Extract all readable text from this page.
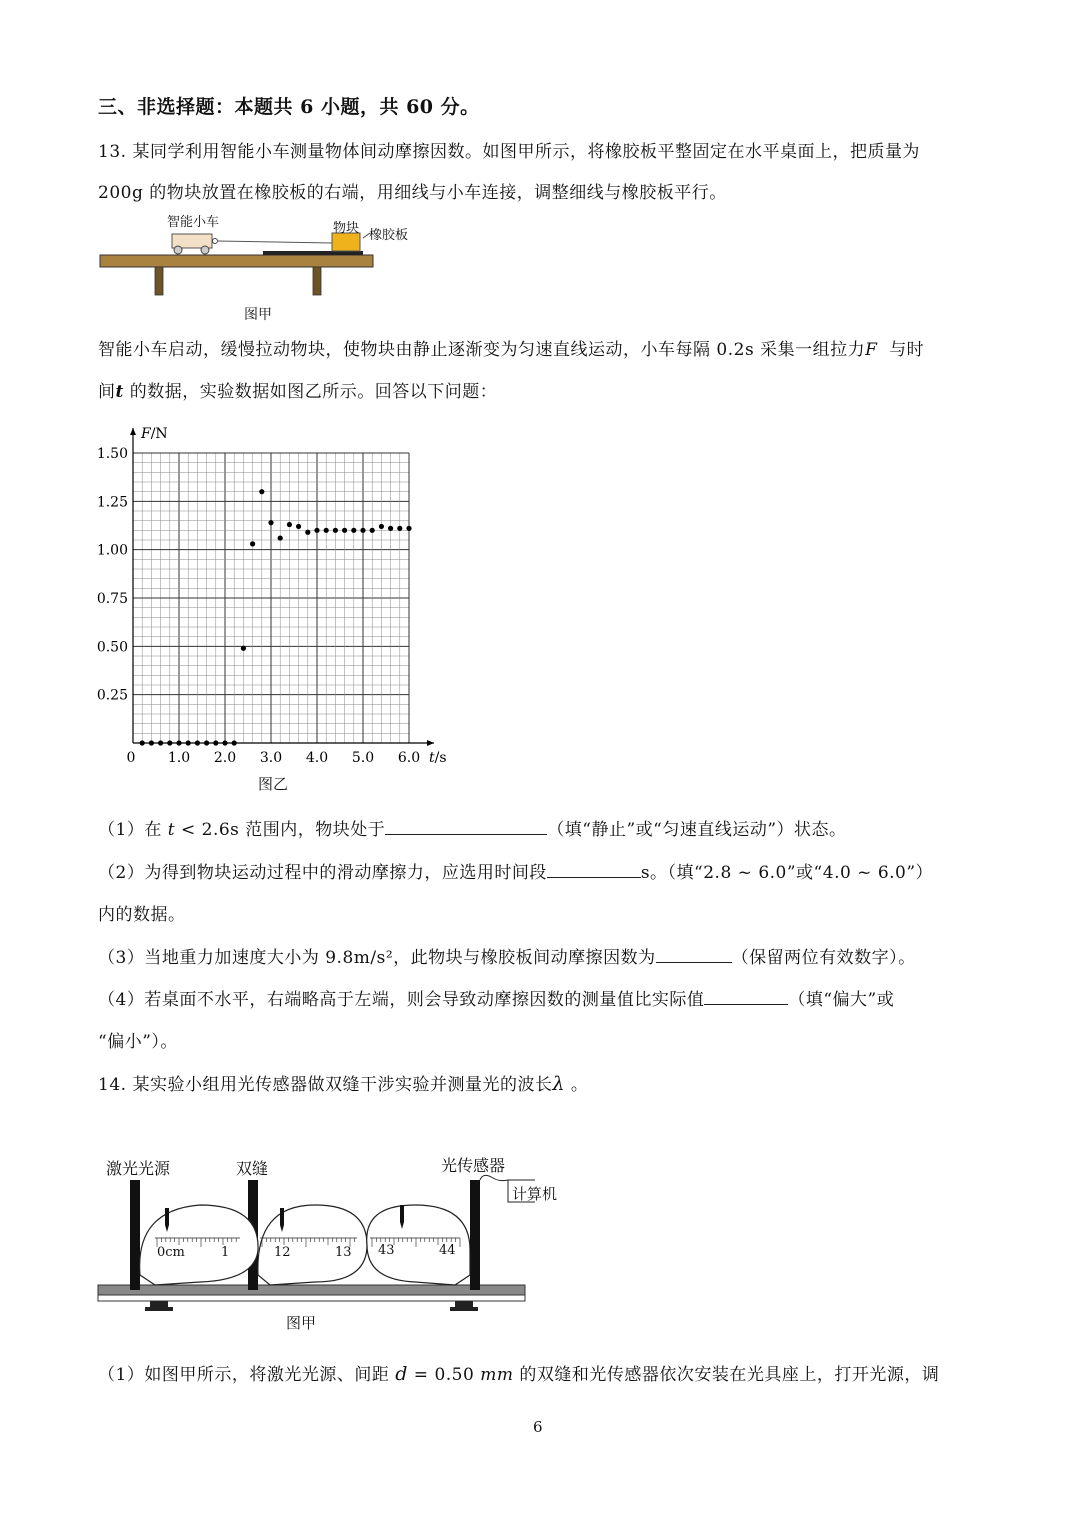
三、非选择题：本题共 6 小题，共 60 分。
13. 某同学利用智能小车测量物体间动摩擦因数。如图甲所示，将橡胶板平整固定在水平桌面上，把质量为
200g 的物块放置在橡胶板的右端，用细线与小车连接，调整细线与橡胶板平行。
智能小车	物块 橡胶板
图甲
智能小车启动，缓慢拉动物块，使物块由静止逐渐变为匀速直线运动，小车每隔 0.2s 采集一组拉力F 与时
间t 的数据，实验数据如图乙所示。回答以下问题：
0 1.0 2.0 3.0 4.0 5.0 6.0 t/s
0.25
0.50
0.75
1.00
1.25
1.50
F/N
图乙
（1）在 t < 2.6s 范围内，物块处于	（填“静止”或“匀速直线运动”）状态。
（2）为得到物块运动过程中的滑动摩擦力，应选用时间段	s。（填“2.8 ~ 6.0”或“4.0 ~ 6.0”）
内的数据。
（3）当地重力加速度大小为 9.8m/s²，此物块与橡胶板间动摩擦因数为	（保留两位有效数字）。
（4）若桌面不水平，右端略高于左端，则会导致动摩擦因数的测量值比实际值	（填“偏大”或
“偏小”）。
14. 某实验小组用光传感器做双缝干涉实验并测量光的波长λ 。
激光光源	双缝	光传感器
计算机
0cm	1	12	13 43	44
图甲
（1）如图甲所示，将激光光源、间距 d = 0.50 mm 的双缝和光传感器依次安装在光具座上，打开光源，调
6
